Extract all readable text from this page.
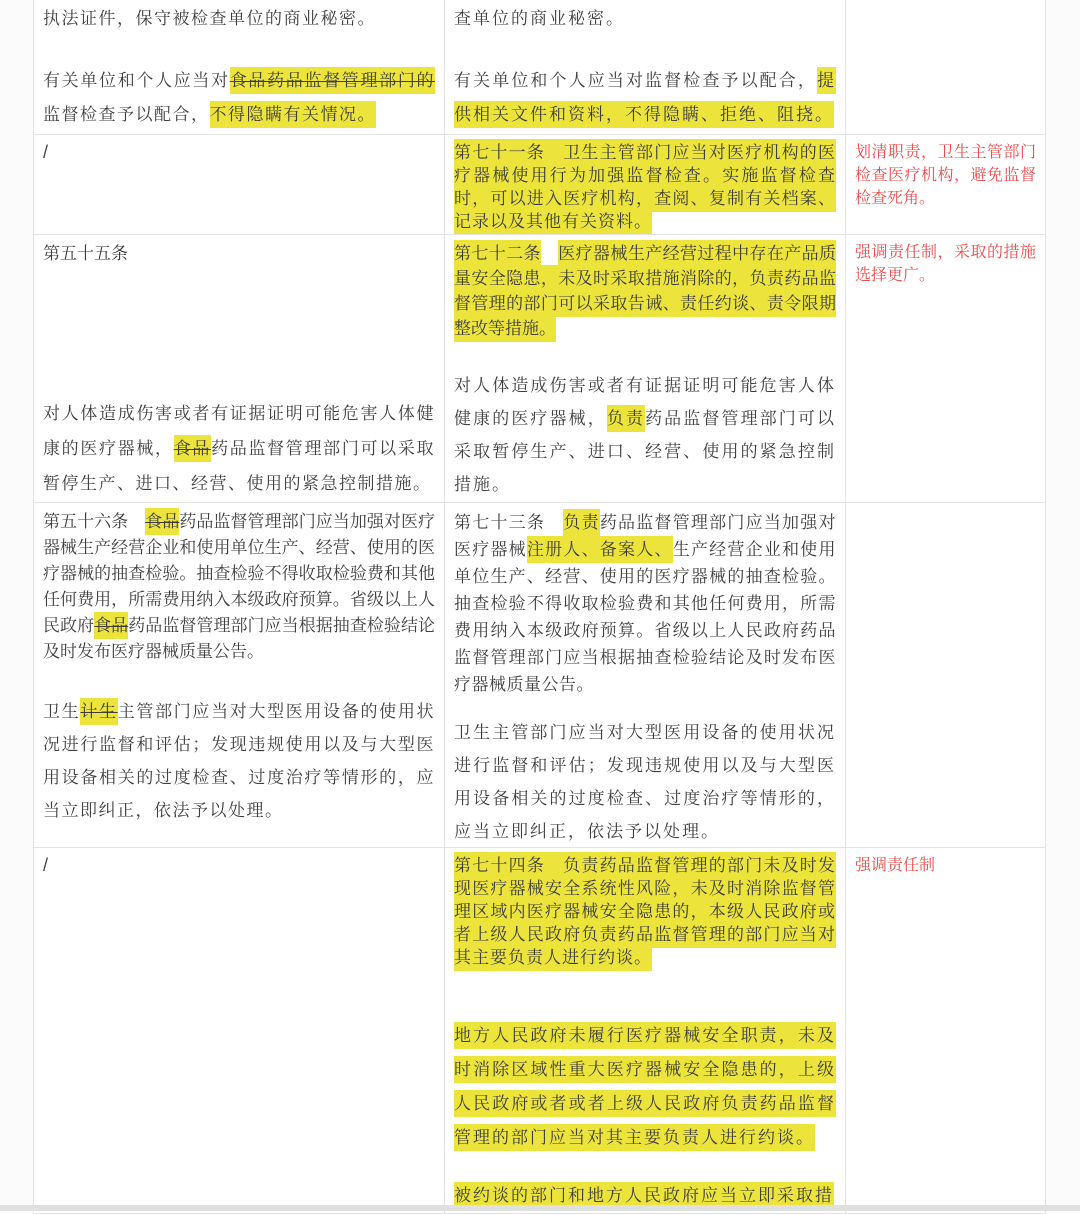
执法证件，保守被检查单位的商业秘密。

有关单位和个人应当对食品药品监督管理部门的监督检查予以配合，不得隐瞒有关情况。

查单位的商业秘密。

有关单位和个人应当对监督检查予以配合，提供相关文件和资料，不得隐瞒、拒绝、阻挠。

/	第七十一条　卫生主管部门应当对医疗机构的医疗器械使用行为加强监督检查。实施监督检查时，可以进入医疗机构，查阅、复制有关档案、记录以及其他有关资料。

划清职责，卫生主管部门检查医疗机构，避免监督检查死角。

第五十五条

对人体造成伤害或者有证据证明可能危害人体健康的医疗器械，食品药品监督管理部门可以采取暂停生产、进口、经营、使用的紧急控制措施。

第七十二条　 医疗器械生产经营过程中存在产品质量安全隐患，未及时采取措施消除的，负责药品监督管理的部门可以采取告诫、责任约谈、责令限期整改等措施。

对人体造成伤害或者有证据证明可能危害人体健康的医疗器械，负责药品监督管理部门可以采取暂停生产、进口、经营、使用的紧急控制措施。

强调责任制，采取的措施选择更广。

第五十六条　食品药品监督管理部门应当加强对医疗器械生产经营企业和使用单位生产、经营、使用的医疗器械的抽查检验。抽查检验不得收取检验费和其他任何费用，所需费用纳入本级政府预算。省级以上人民政府食品药品监督管理部门应当根据抽查检验结论及时发布医疗器械质量公告。

卫生计生主管部门应当对大型医用设备的使用状况进行监督和评估；发现违规使用以及与大型医用设备相关的过度检查、过度治疗等情形的，应当立即纠正，依法予以处理。

第七十三条　负责药品监督管理部门应当加强对医疗器械注册人、备案人、生产经营企业和使用单位生产、经营、使用的医疗器械的抽查检验。抽查检验不得收取检验费和其他任何费用，所需费用纳入本级政府预算。省级以上人民政府药品监督管理部门应当根据抽查检验结论及时发布医疗器械质量公告。

卫生主管部门应当对大型医用设备的使用状况进行监督和评估；发现违规使用以及与大型医用设备相关的过度检查、过度治疗等情形的，应当立即纠正，依法予以处理。

/	第七十四条　负责药品监督管理的部门未及时发现医疗器械安全系统性风险，未及时消除监督管理区域内医疗器械安全隐患的，本级人民政府或者上级人民政府负责药品监督管理的部门应当对其主要负责人进行约谈。

地方人民政府未履行医疗器械安全职责，未及时消除区域性重大医疗器械安全隐患的，上级人民政府或者或者上级人民政府负责药品监督管理的部门应当对其主要负责人进行约谈。

被约谈的部门和地方人民政府应当立即采取措

强调责任制
